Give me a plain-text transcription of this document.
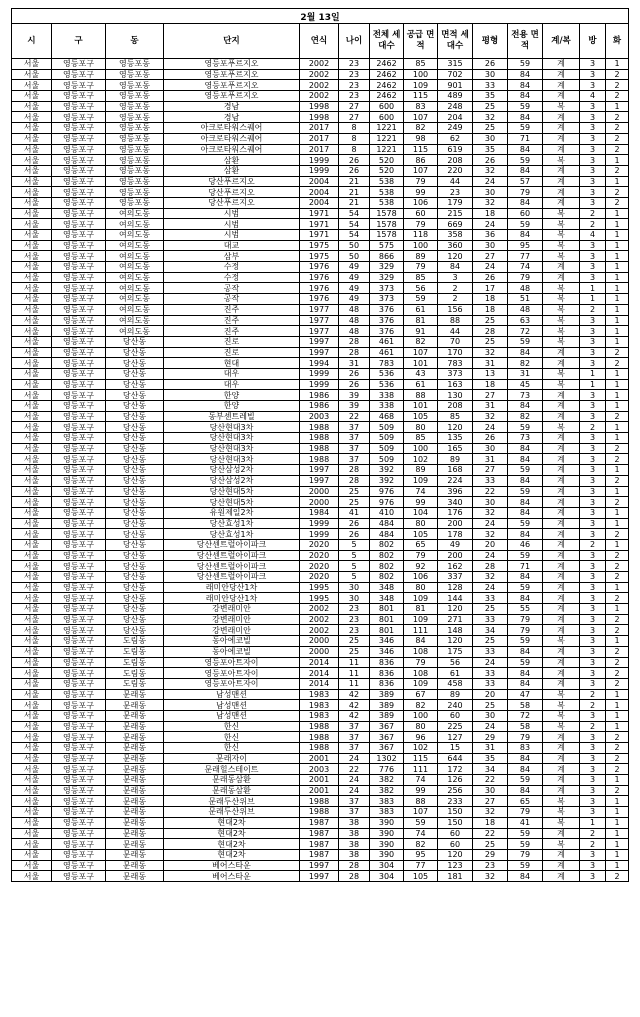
2월 13일													
시	구	동	단지	연식	나이	전체 세대수	공급 면적	면적 세대수	평형	전용 면적	계/복	방	화
서울	영등포구	영등포동	영등포푸르지오	2002	23	2462	85	315	26	59	계	3	1
서울	영등포구	영등포동	영등포푸르지오	2002	23	2462	100	702	30	84	계	3	2
서울	영등포구	영등포동	영등포푸르지오	2002	23	2462	109	901	33	84	계	3	2
서울	영등포구	영등포동	영등포푸르지오	2002	23	2462	115	489	35	84	계	4	2
서울	영등포구	영등포동	경남	1998	27	600	83	248	25	59	복	3	1
서울	영등포구	영등포동	경남	1998	27	600	107	204	32	84	계	3	2
서울	영등포구	영등포동	아크로타워스퀘어	2017	8	1221	82	249	25	59	계	3	2
서울	영등포구	영등포동	아크로타워스퀘어	2017	8	1221	98	62	30	71	계	3	2
서울	영등포구	영등포동	아크로타워스퀘어	2017	8	1221	115	619	35	84	계	3	2
서울	영등포구	영등포동	삼환	1999	26	520	86	208	26	59	복	3	1
서울	영등포구	영등포동	삼환	1999	26	520	107	220	32	84	계	3	2
서울	영등포구	영등포동	당산푸르지오	2004	21	538	79	44	24	57	계	3	1
서울	영등포구	영등포동	당산푸르지오	2004	21	538	99	23	30	79	계	3	2
서울	영등포구	영등포동	당산푸르지오	2004	21	538	106	179	32	84	계	3	2
서울	영등포구	여의도동	시범	1971	54	1578	60	215	18	60	복	2	1
서울	영등포구	여의도동	시범	1971	54	1578	79	669	24	59	복	2	1
서울	영등포구	여의도동	시범	1971	54	1578	118	358	36	84	복	4	1
서울	영등포구	여의도동	대교	1975	50	575	100	360	30	95	복	3	1
서울	영등포구	여의도동	삼부	1975	50	866	89	120	27	77	복	3	1
서울	영등포구	여의도동	수정	1976	49	329	79	84	24	74	계	3	1
서울	영등포구	여의도동	수정	1976	49	329	85	3	26	79	계	3	1
서울	영등포구	여의도동	공작	1976	49	373	56	2	17	48	복	1	1
서울	영등포구	여의도동	공작	1976	49	373	59	2	18	51	복	1	1
서울	영등포구	여의도동	진주	1977	48	376	61	156	18	48	복	2	1
서울	영등포구	여의도동	진주	1977	48	376	81	88	25	63	복	3	1
서울	영등포구	여의도동	진주	1977	48	376	91	44	28	72	복	3	1
서울	영등포구	당산동	진로	1997	28	461	82	70	25	59	복	3	1
서울	영등포구	당산동	진로	1997	28	461	107	170	32	84	계	3	2
서울	영등포구	당산동	현대	1994	31	783	101	783	31	82	계	3	2
서울	영등포구	당산동	대우	1999	26	536	43	373	13	31	복	1	1
서울	영등포구	당산동	대우	1999	26	536	61	163	18	45	복	1	1
서울	영등포구	당산동	한양	1986	39	338	88	130	27	73	계	3	1
서울	영등포구	당산동	한양	1986	39	338	101	208	31	84	계	3	1
서울	영등포구	당산동	동부센트레빌	2003	22	468	105	85	32	82	계	3	2
서울	영등포구	당산동	당산현대3차	1988	37	509	80	120	24	59	복	2	1
서울	영등포구	당산동	당산현대3차	1988	37	509	85	135	26	73	계	3	1
서울	영등포구	당산동	당산현대3차	1988	37	509	100	165	30	84	계	3	2
서울	영등포구	당산동	당산현대3차	1988	37	509	102	89	31	84	계	3	2
서울	영등포구	당산동	당산삼성2차	1997	28	392	89	168	27	59	계	3	1
서울	영등포구	당산동	당산삼성2차	1997	28	392	109	224	33	84	계	3	2
서울	영등포구	당산동	당산현대5차	2000	25	976	74	396	22	59	계	3	1
서울	영등포구	당산동	당산현대5차	2000	25	976	99	340	30	84	계	3	2
서울	영등포구	당산동	유원제일2차	1984	41	410	104	176	32	84	계	3	1
서울	영등포구	당산동	당산효성1차	1999	26	484	80	200	24	59	계	3	1
서울	영등포구	당산동	당산효성1차	1999	26	484	105	178	32	84	계	3	2
서울	영등포구	당산동	당산센트럴아이파크	2020	5	802	65	49	20	46	계	2	1
서울	영등포구	당산동	당산센트럴아이파크	2020	5	802	79	200	24	59	계	3	2
서울	영등포구	당산동	당산센트럴아이파크	2020	5	802	92	162	28	71	계	3	2
서울	영등포구	당산동	당산센트럴아이파크	2020	5	802	106	337	32	84	계	3	2
서울	영등포구	당산동	래미안당산1차	1995	30	348	80	128	24	59	계	3	1
서울	영등포구	당산동	래미안당산1차	1995	30	348	109	144	33	84	계	3	2
서울	영등포구	당산동	강변래미안	2002	23	801	81	120	25	55	계	3	1
서울	영등포구	당산동	강변래미안	2002	23	801	109	271	33	79	계	3	2
서울	영등포구	당산동	강변래미안	2002	23	801	111	148	34	79	계	3	2
서울	영등포구	도림동	동아에코빌	2000	25	346	84	120	25	59	복	3	1
서울	영등포구	도림동	동아에코빌	2000	25	346	108	175	33	84	계	3	2
서울	영등포구	도림동	영등포아트자이	2014	11	836	79	56	24	59	계	3	2
서울	영등포구	도림동	영등포아트자이	2014	11	836	108	61	33	84	계	3	2
서울	영등포구	도림동	영등포아트자이	2014	11	836	109	458	33	84	계	3	2
서울	영등포구	문래동	남성맨션	1983	42	389	67	89	20	47	복	2	1
서울	영등포구	문래동	남성맨션	1983	42	389	82	240	25	58	복	2	1
서울	영등포구	문래동	남성맨션	1983	42	389	100	60	30	72	복	3	1
서울	영등포구	문래동	한신	1988	37	367	80	225	24	58	복	2	1
서울	영등포구	문래동	한신	1988	37	367	96	127	29	79	계	3	2
서울	영등포구	문래동	한신	1988	37	367	102	15	31	83	계	3	2
서울	영등포구	문래동	문래자이	2001	24	1302	115	644	35	84	계	3	2
서울	영등포구	문래동	문래힐스테이트	2003	22	776	111	172	34	84	계	3	2
서울	영등포구	문래동	문래동삼환	2001	24	382	74	126	22	59	계	3	1
서울	영등포구	문래동	문래동삼환	2001	24	382	99	256	30	84	계	3	2
서울	영등포구	문래동	문래두산위브	1988	37	383	88	233	27	65	복	3	1
서울	영등포구	문래동	문래두산위브	1988	37	383	107	150	32	79	복	3	1
서울	영등포구	문래동	현대2차	1987	38	390	59	150	18	41	복	1	1
서울	영등포구	문래동	현대2차	1987	38	390	74	60	22	59	계	2	1
서울	영등포구	문래동	현대2차	1987	38	390	82	60	25	59	복	2	1
서울	영등포구	문래동	현대2차	1987	38	390	95	120	29	79	계	3	1
서울	영등포구	문래동	베어스타운	1997	28	304	77	123	23	59	계	3	1
서울	영등포구	문래동	베어스타운	1997	28	304	105	181	32	84	계	3	2
